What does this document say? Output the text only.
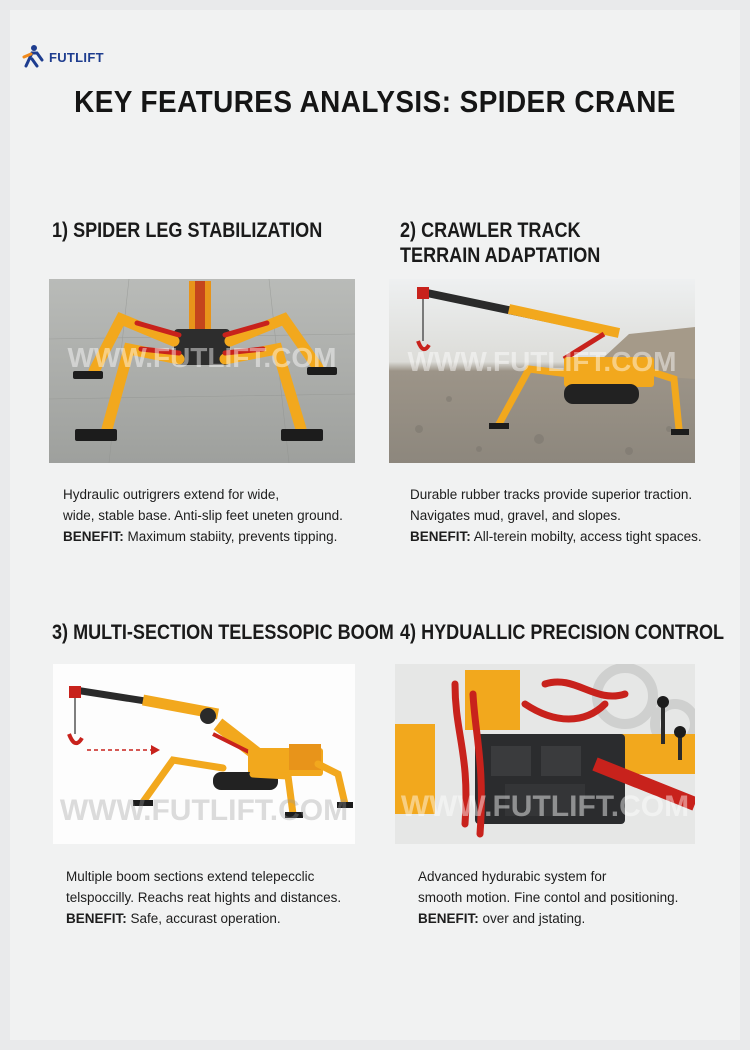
FUTLIFT
KEY FEATURES ANALYSIS: SPIDER CRANE
1) SPIDER LEG STABILIZATION
WWW.FUTLIFT.COM
Hydraulic outrigrers extend for wide,
wide, stable base. Anti-slip feet uneten ground.
BENEFIT: Maximum stabiity, prevents tipping.
2) CRAWLER TRACK
TERRAIN ADAPTATION
WWW.FUTLIFT.COM
Durable rubber tracks provide superior traction.
Navigates mud, gravel, and slopes.
BENEFIT: All-terein mobilty, access tight spaces.
3) MULTI-SECTION TELESSOPIC BOOM
WWW.FUTLIFT.COM
Multiple boom sections extend telepecclic
telspoccilly. Reachs reat hights and distances.
BENEFIT: Safe, accurast operation.
4) HYDUALLIC PRECISION CONTROL
WWW.FUTLIFT.COM
Advanced hydurabic system for
smooth motion. Fine contol and positioning.
BENEFIT: over and jstating.
